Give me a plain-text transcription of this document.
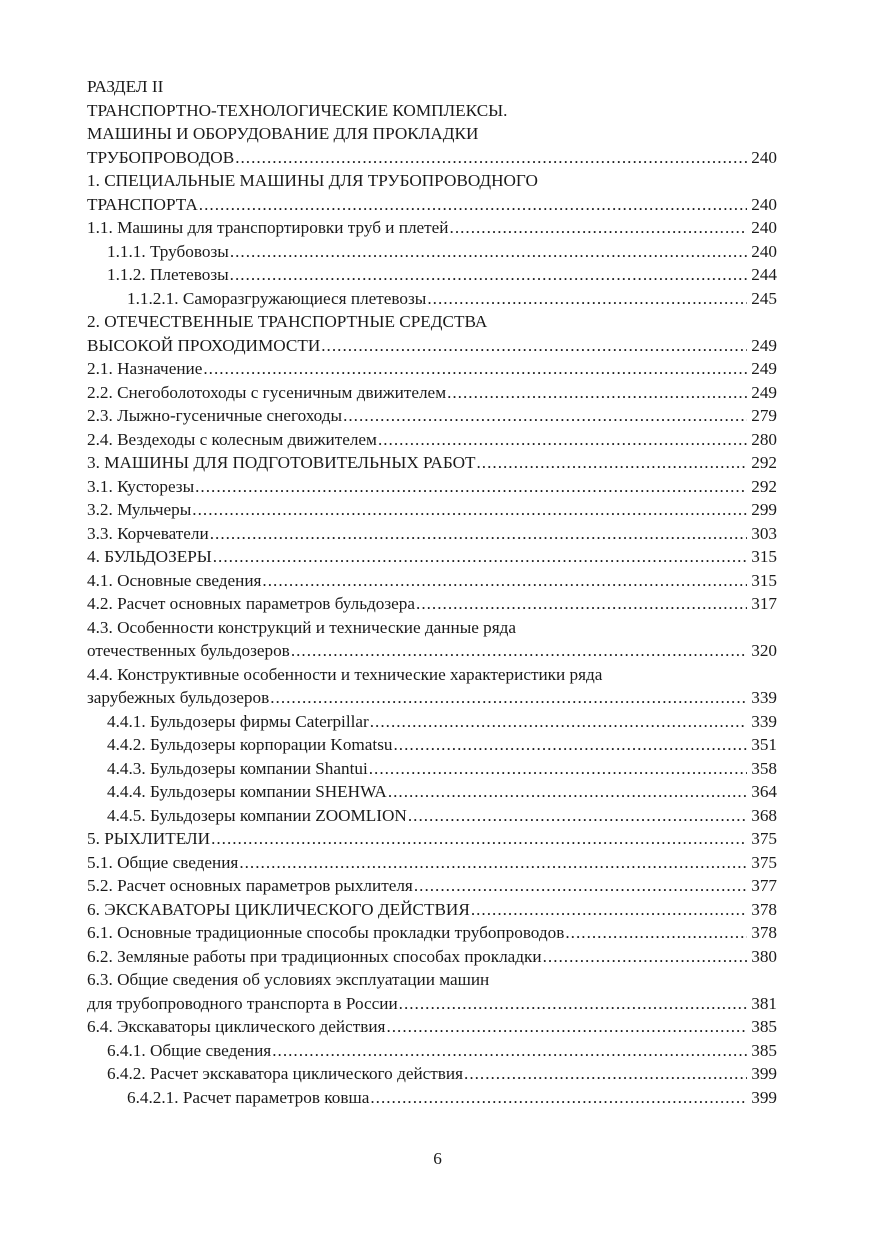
РАЗДЕЛ II
ТРАНСПОРТНО-ТЕХНОЛОГИЧЕСКИЕ КОМПЛЕКСЫ.
МАШИНЫ И ОБОРУДОВАНИЕ ДЛЯ ПРОКЛАДКИ
ТРУБОПРОВОДОВ .....	240
1. СПЕЦИАЛЬНЫЕ МАШИНЫ ДЛЯ ТРУБОПРОВОДНОГО
ТРАНСПОРТА .....	240
1.1. Машины для транспортировки труб и плетей .....	240
1.1.1. Трубовозы .....	240
1.1.2. Плетевозы .....	244
1.1.2.1. Саморазгружающиеся плетевозы .....	245
2. ОТЕЧЕСТВЕННЫЕ ТРАНСПОРТНЫЕ СРЕДСТВА
ВЫСОКОЙ ПРОХОДИМОСТИ .....	249
2.1. Назначение .....	249
2.2. Снегоболотоходы с гусеничным движителем .....	249
2.3. Лыжно-гусеничные снегоходы .....	279
2.4. Вездеходы с колесным движителем .....	280
3. МАШИНЫ ДЛЯ ПОДГОТОВИТЕЛЬНЫХ РАБОТ .....	292
3.1. Кусторезы .....	292
3.2. Мульчеры .....	299
3.3. Корчеватели .....	303
4. БУЛЬДОЗЕРЫ .....	315
4.1. Основные сведения .....	315
4.2. Расчет основных параметров бульдозера .....	317
4.3. Особенности конструкций и технические данные ряда
отечественных бульдозеров .....	320
4.4. Конструктивные особенности и технические характеристики ряда
зарубежных бульдозеров .....	339
4.4.1. Бульдозеры фирмы Caterpillar .....	339
4.4.2. Бульдозеры корпорации Komatsu .....	351
4.4.3. Бульдозеры компании Shantui .....	358
4.4.4. Бульдозеры компании SHEHWA .....	364
4.4.5. Бульдозеры компании ZOOMLION .....	368
5. РЫХЛИТЕЛИ .....	375
5.1. Общие сведения .....	375
5.2. Расчет основных параметров рыхлителя .....	377
6. ЭКСКАВАТОРЫ ЦИКЛИЧЕСКОГО ДЕЙСТВИЯ .....	378
6.1. Основные традиционные способы прокладки трубопроводов .....	378
6.2. Земляные работы при традиционных способах прокладки .....	380
6.3. Общие сведения об условиях эксплуатации машин
для трубопроводного транспорта в России .....	381
6.4. Экскаваторы циклического действия .....	385
6.4.1. Общие сведения .....	385
6.4.2. Расчет экскаватора циклического действия .....	399
6.4.2.1. Расчет параметров ковша .....	399
6
